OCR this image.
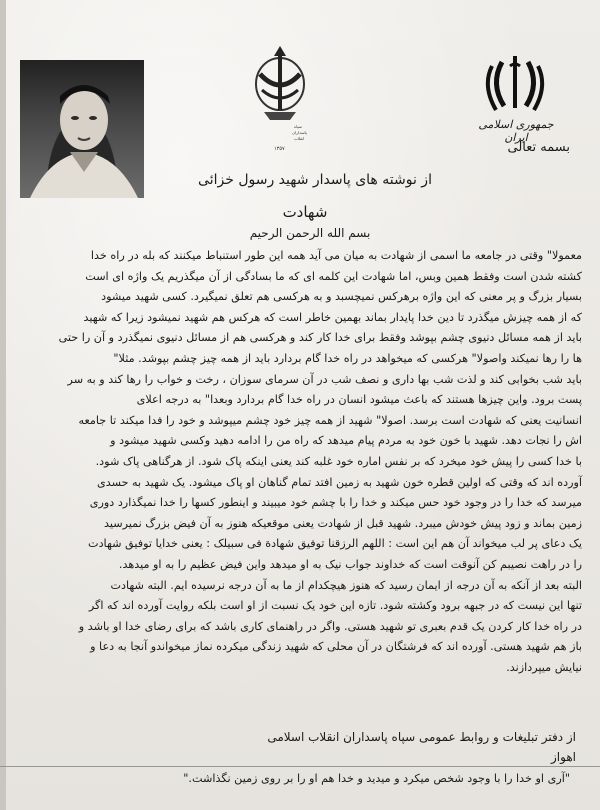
سپاه
پاسداران
انقلاب
۱۳۵۷
جمهوری اسلامی ایران
بسمه تعالی
از نوشته های پاسدار شهید رسول خزائی
شهادت
بسم الله الرحمن الرحیم

معمولا" وقتی در جامعه ما اسمی از شهادت به میان می آید همه این طور استنباط میکنند که بله در راه خدا

کشته شدن است وفقط همین وبس، اما شهادت این کلمه ای که ما بسادگی از آن میگذریم یک واژه ای است

بسیار بزرگ و پر معنی که این واژه برهرکس نمیچسبد و به هرکسی هم تعلق نمیگیرد. کسی شهید میشود

که از همه چیزش میگذرد تا دین خدا پایدار بماند بهمین خاطر است که هرکس هم شهید نمیشود زیرا که شهید

باید از همه مسائل دنیوی چشم بپوشد وفقط برای خدا کار کند و هرکسی هم از مسائل دنیوی نمیگذرد و آن را حتی

ها را رها نمیکند واصولا" هرکسی که میخواهد در راه خدا گام بردارد باید از همه چیز چشم بپوشد. مثلا"

باید شب بخوابی کند و لذت شب بها داری و نصف شب در آن سرمای سوزان ، رخت و خواب را رها کند و به سر

پست برود. واین چیزها هستند که باعث میشود انسان در راه خدا گام بردارد وبعدا" به درجه اعلای

انسانیت یعنی که شهادت است برسد. اصولا" شهید از همه چیز خود چشم میپوشد و خود را فدا میکند تا جامعه

اش را نجات دهد. شهید با خون خود به مردم پیام میدهد که راه من را ادامه دهید وکسی شهید میشود و

با خدا کسی را پیش خود میخرد که بر نفس اماره خود غلبه کند یعنی اینکه پاک شود. از هرگناهی پاک شود.

آورده اند که وقتی که اولین قطره خون شهید به زمین افتد تمام گناهان او پاک میشود. یک شهید به حسدی

میرسد که خدا را در وجود خود حس میکند و خدا را با چشم خود میبیند و اینطور کسها را خدا نمیگذارد دوری

زمین بماند و زود پیش خودش میبرد. شهید قبل از شهادت یعنی موقعیکه هنوز به آن فیض بزرگ نمیرسید

یک دعای پر لب میخواند آن هم این است : اللهم الرزقنا توفیق شهادة فی سبیلک : یعنی خدایا توفیق شهادت

را در راهت نصیبم کن آنوقت است که خداوند جواب نیک به او میدهد واین فیض عظیم را به او میدهد.

البته بعد از آنکه به آن درجه از ایمان رسید که هنوز هیچکدام از ما به آن درجه نرسیده ایم. البته شهادت

تنها این نیست که در جبهه برود وکشته شود. تازه این خود یک نسبت از او است بلکه روایت آورده اند که اگر

در راه خدا کار کردن یک قدم بعبری تو شهید هستی. واگر در راهنمای کاری باشد که برای رضای خدا او باشد و

باز هم شهید هستی. آورده اند که فرشتگان در آن محلی که شهید زندگی میکرده نماز میخواندو آنجا به دعا و

نیایش میپردازند.

از دفتر تبلیغات و روابط عمومی سپاه پاسداران انقلاب اسلامی
اهواز
"آری او خدا را با وجود شخص میکرد و میدید و خدا هم او را بر روی زمین نگذاشت."
